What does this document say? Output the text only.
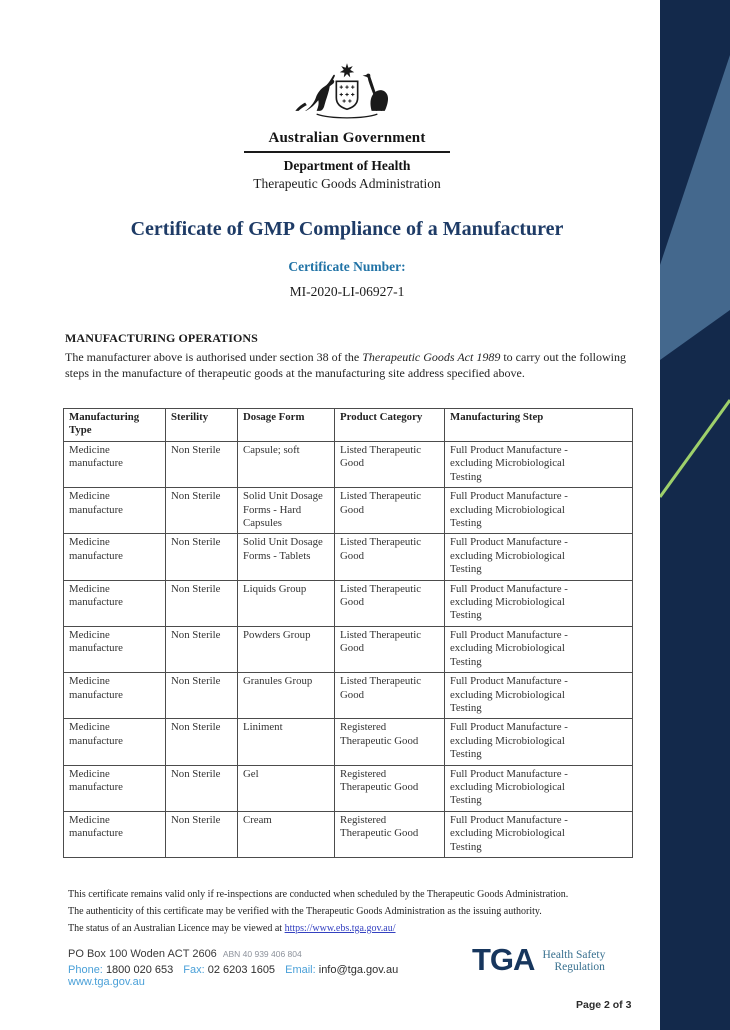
Australian Government
Department of Health
Therapeutic Goods Administration
Certificate of GMP Compliance of a Manufacturer
Certificate Number:
MI-2020-LI-06927-1
MANUFACTURING OPERATIONS
The manufacturer above is authorised under section 38 of the Therapeutic Goods Act 1989 to carry out the following steps in the manufacture of therapeutic goods at the manufacturing site address specified above.
Manufacturing Type	Sterility	Dosage Form	Product Category	Manufacturing Step
Medicine manufacture	Non Sterile	Capsule; soft	Listed Therapeutic Good	Full Product Manufacture - excluding Microbiological Testing
Medicine manufacture	Non Sterile	Solid Unit Dosage Forms - Hard Capsules	Listed Therapeutic Good	Full Product Manufacture - excluding Microbiological Testing
Medicine manufacture	Non Sterile	Solid Unit Dosage Forms - Tablets	Listed Therapeutic Good	Full Product Manufacture - excluding Microbiological Testing
Medicine manufacture	Non Sterile	Liquids Group	Listed Therapeutic Good	Full Product Manufacture - excluding Microbiological Testing
Medicine manufacture	Non Sterile	Powders Group	Listed Therapeutic Good	Full Product Manufacture - excluding Microbiological Testing
Medicine manufacture	Non Sterile	Granules Group	Listed Therapeutic Good	Full Product Manufacture - excluding Microbiological Testing
Medicine manufacture	Non Sterile	Liniment	Registered Therapeutic Good	Full Product Manufacture - excluding Microbiological Testing
Medicine manufacture	Non Sterile	Gel	Registered Therapeutic Good	Full Product Manufacture - excluding Microbiological Testing
Medicine manufacture	Non Sterile	Cream	Registered Therapeutic Good	Full Product Manufacture - excluding Microbiological Testing
This certificate remains valid only if re-inspections are conducted when scheduled by the Therapeutic Goods Administration.
The authenticity of this certificate may be verified with the Therapeutic Goods Administration as the issuing authority.
The status of an Australian Licence may be viewed at https://www.ebs.tga.gov.au/
PO Box 100 Woden ACT 2606 ABN 40 939 406 804
Phone: 1800 020 653 Fax: 02 6203 1605 Email: info@tga.gov.au www.tga.gov.au
TGA Health Safety
Regulation
Page 2 of 3
